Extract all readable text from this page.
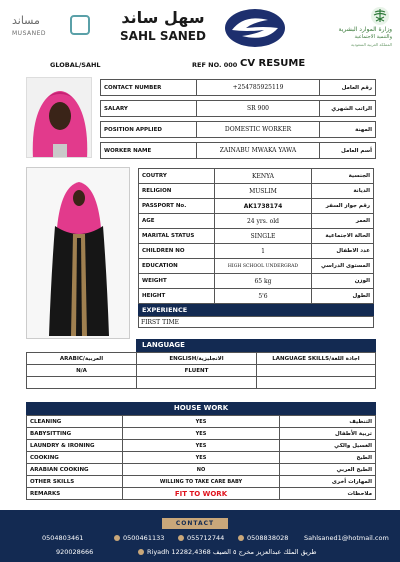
مساند
MUSANED
سهل ساند
SAHL SANED	وزارة الموارد البشرية
والتنمية الاجتماعية
المملكة العربية السعودية
GLOBAL/SAHL	REF NO. 000 CV RESUME
CONTACT NUMBER	+254785925119	رقم العامل

SALARY	SR 900	الراتب الشهري

POSITION APPLIED	DOMESTIC WORKER	المهنة

WORKER NAME	ZAINABU MWAKA YAWA	أسم العامل
COUTRY	KENYA	الجنسية
RELIGION	MUSLIM	الديانة
PASSPORT No.	AK1738174	رقم جواز السفر
AGE	24 yrs. old	العمر
MARITAL STATUS	SINGLE	الحالة الاجتماعية
CHILDREN NO	1	عدد الاطفال
EDUCATION	HIGH SCHOOL UNDERGRAD	المستوى الدراسي
WEIGHT	65 kg	الوزن
HEIGHT	5'6	الطول
EXPERIENCE
FIRST TIME
LANGUAGE
ARABIC/العربية	ENGLISH/الانجليزية	LANGUAGE SKILLS/اجادة اللغة
N/A	FLUENT	

HOUSE WORK
CLEANING	YES	التنظيف
BABYSITTING	YES	تربية الأطفال
LAUNDRY & IRONING	YES	الغسيل والكي
COOKING	YES	الطبخ
ARABIAN COOKING	NO	الطبخ العربي
OTHER SKILLS	WILLING TO TAKE CARE BABY	المهارات أخرى
REMARKS	FIT TO WORK	ملاحظات
CONTACT
0504803461	0500461133	055712744	0508838028 Sahlsaned1@hotmail.com
920028666	Riyadh 12282,4368 طريق الملك عبدالعزيز مخرج ٥ الصيف
